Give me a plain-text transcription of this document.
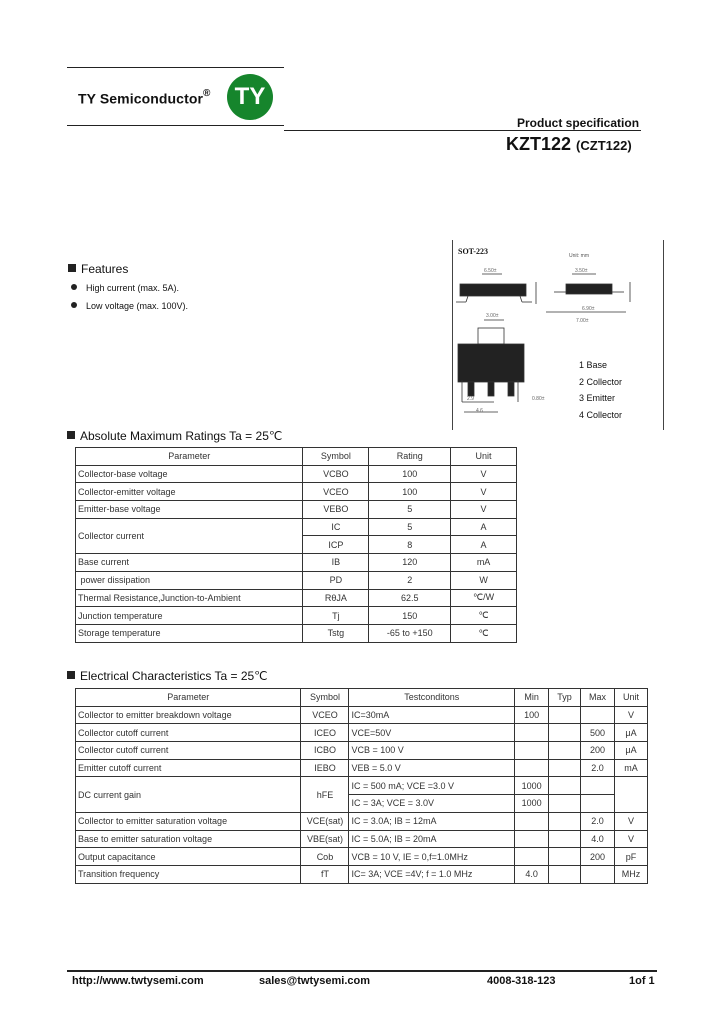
TY Semiconductor®	TY
Product specification
KZT122 (CZT122)
Features
High current (max. 5A).
Low voltage (max. 100V).
SOT-223	Unit: mm
6.50±	3.50±
6.90±
7.00±
3.00±
2.9
4.6
0.80±
1 Base
2 Collector
3 Emitter
4 Collector
Absolute Maximum Ratings Ta = 25℃
Parameter	Symbol	Rating	Unit
Collector-base voltage	VCBO	100	V
Collector-emitter voltage	VCEO	100	V
Emitter-base voltage	VEBO	5	V
Collector current	IC	5	A
	ICP	8	A
Base current	IB	120	mA
power dissipation	PD	2	W
Thermal Resistance,Junction-to-Ambient	RθJA	62.5	℃/W
Junction temperature	Tj	150	℃
Storage temperature	Tstg	-65 to +150	℃
Electrical Characteristics Ta = 25℃
Parameter	Symbol	Testconditons	Min	Typ	Max	Unit
Collector to emitter breakdown voltage	VCEO	IC=30mA	100			V
Collector cutoff current	ICEO	VCE=50V			500	μA
Collector cutoff current	ICBO	VCB = 100 V			200	μA
Emitter cutoff current	IEBO	VEB = 5.0 V			2.0	mA
DC current gain	hFE	IC = 500 mA; VCE =3.0 V	1000			
		IC = 3A; VCE = 3.0V	1000			
Collector to emitter saturation voltage	VCE(sat)	IC = 3.0A; IB = 12mA			2.0	V
Base to emitter saturation voltage	VBE(sat)	IC = 5.0A; IB = 20mA			4.0	V
Output capacitance	Cob	VCB = 10 V, IE = 0,f=1.0MHz			200	pF
Transition frequency	fT	IC= 3A; VCE =4V; f = 1.0 MHz	4.0			MHz
http://www.twtysemi.com	sales@twtysemi.com	4008-318-123	1of 1
